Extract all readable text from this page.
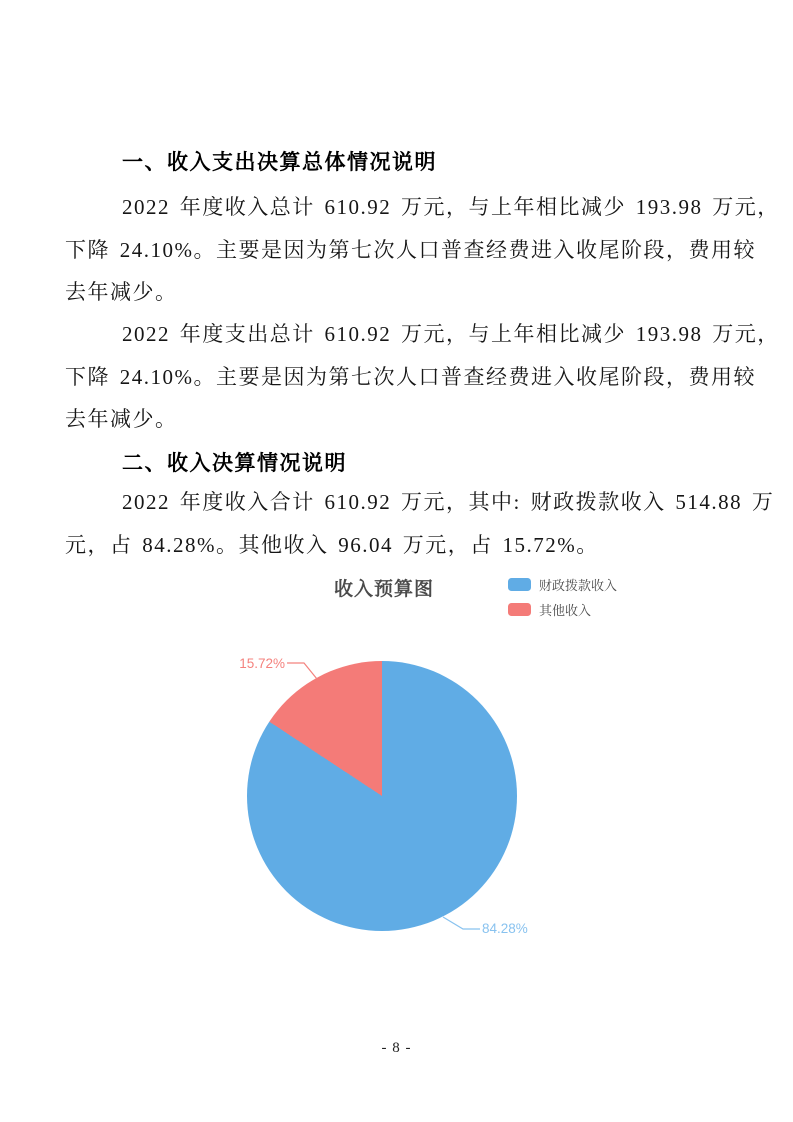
一、收入支出决算总体情况说明
2022 年度收入总计 610.92 万元，与上年相比减少 193.98 万元，
下降 24.10%。主要是因为第七次人口普查经费进入收尾阶段，费用较
去年减少。
2022 年度支出总计 610.92 万元，与上年相比减少 193.98 万元，
下降 24.10%。主要是因为第七次人口普查经费进入收尾阶段，费用较
去年减少。
二、收入决算情况说明
2022 年度收入合计 610.92 万元，其中: 财政拨款收入 514.88 万
元，占 84.28%。其他收入 96.04 万元，占 15.72%。
收入预算图	财政拨款收入
其他收入
15.72%
84.28%
- 8 -
